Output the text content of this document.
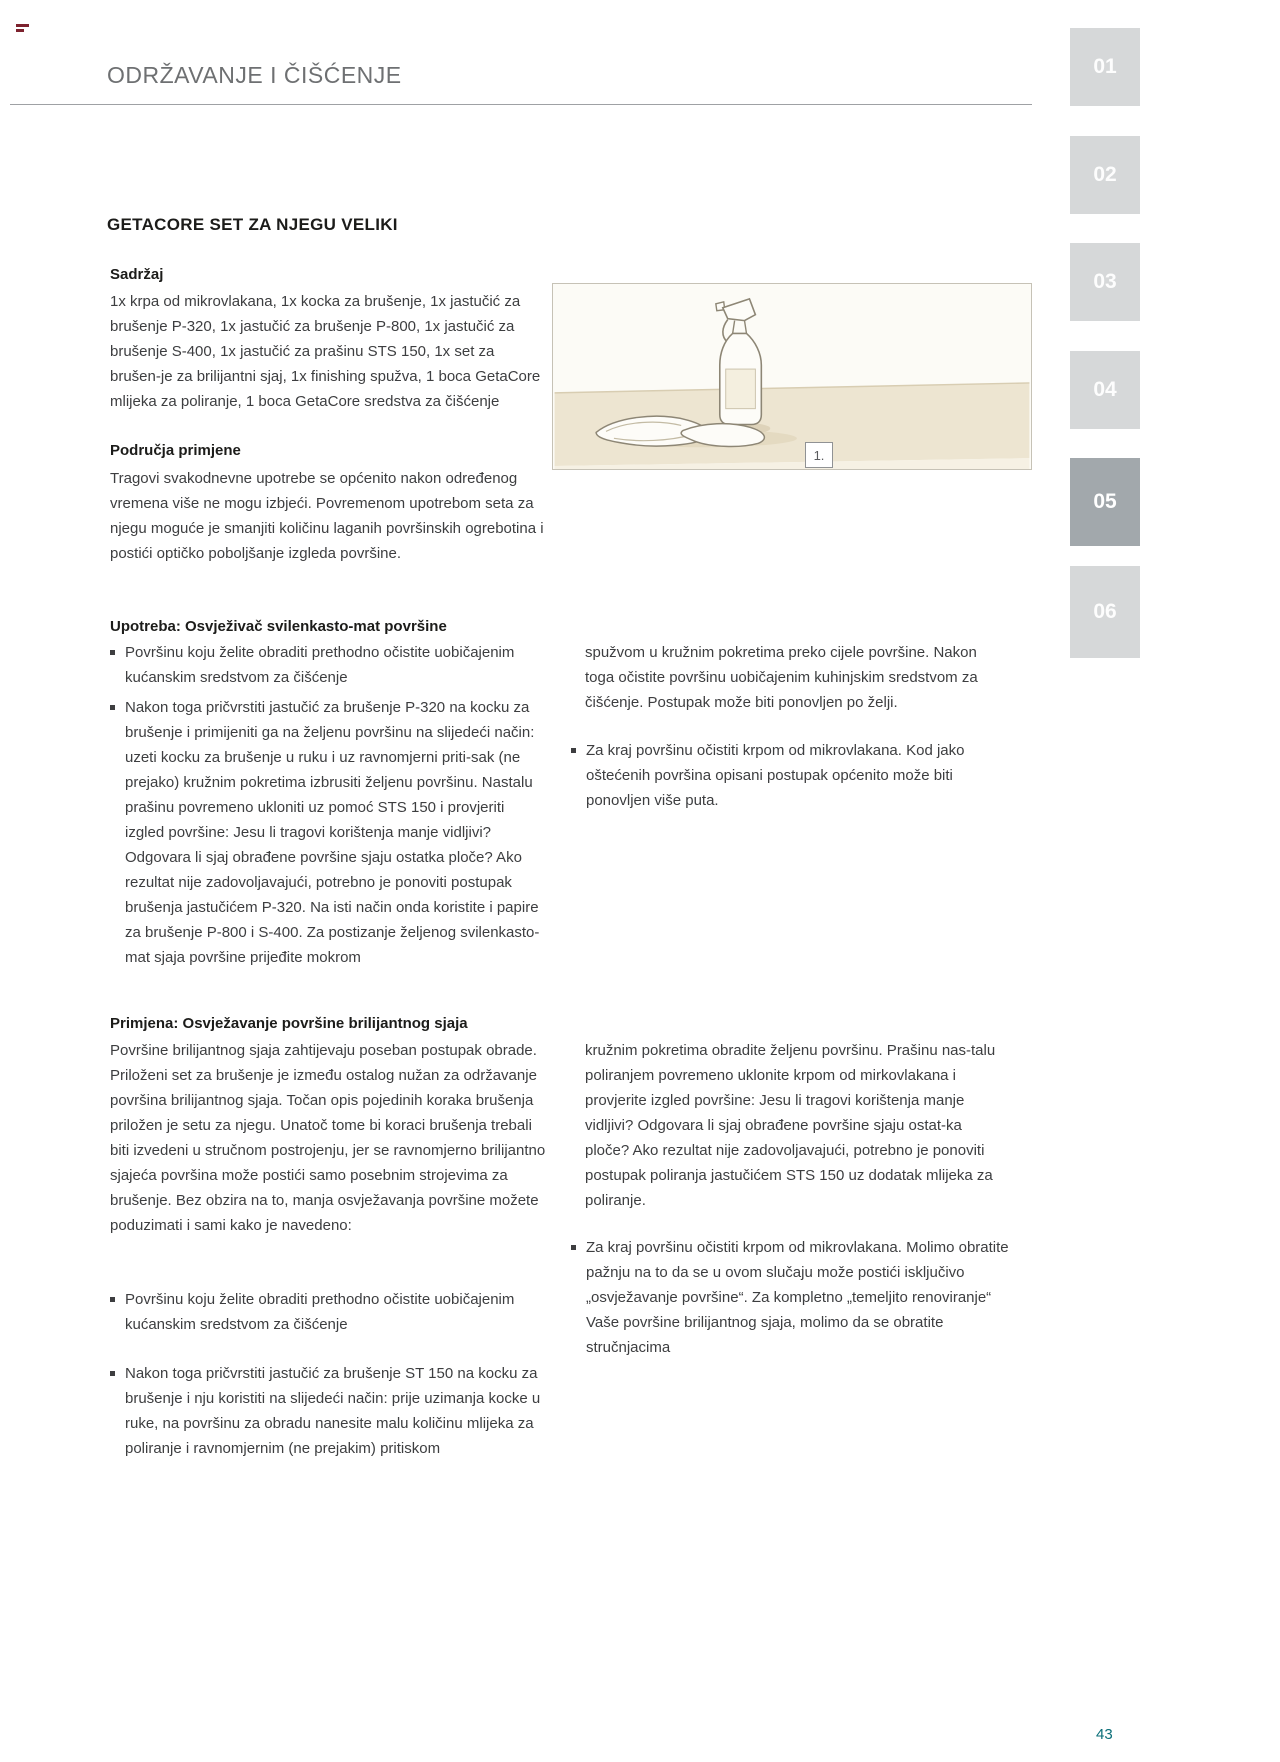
ODRŽAVANJE I ČIŠĆENJE	01
02
03
04
05
06
GETACORE SET ZA NJEGU VELIKI
Sadržaj

1x krpa od mikrovlakana, 1x kocka za brušenje, 1x jastučić za brušenje P-320, 1x jastučić za brušenje P-800, 1x jastučić za brušenje S-400, 1x jastučić za prašinu STS 150, 1x set za brušen-je za brilijantni sjaj, 1x finishing spužva, 1 boca GetaCore mlijeka za poliranje, 1 boca GetaCore sredstva za čišćenje

1.
Područja primjene

Tragovi svakodnevne upotrebe se općenito nakon određenog vremena više ne mogu izbjeći. Povremenom upotrebom seta za njegu moguće je smanjiti količinu laganih površinskih ogrebotina i postići optičko poboljšanje izgleda površine.

Upotreba: Osvježivač svilenkasto-mat površine
Površinu koju želite obraditi prethodno očistite uobičajenim kućanskim sredstvom za čišćenje
Nakon toga pričvrstiti jastučić za brušenje P-320 na kocku za brušenje i primijeniti ga na željenu površinu na slijedeći način: uzeti kocku za brušenje u ruku i uz ravnomjerni priti-sak (ne prejako) kružnim pokretima izbrusiti željenu površinu. Nastalu prašinu povremeno ukloniti uz pomoć STS 150 i provjeriti izgled površine: Jesu li tragovi korištenja manje vidljivi? Odgovara li sjaj obrađene površine sjaju ostatka ploče? Ako rezultat nije zadovoljavajući, potrebno je ponoviti postupak brušenja jastučićem P-320. Na isti način onda koristite i papire za brušenje P-800 i S-400. Za postizanje željenog svilenkasto-mat sjaja površine prijeđite mokrom

spužvom u kružnim pokretima preko cijele površine. Nakon toga očistite površinu uobičajenim kuhinjskim sredstvom za čišćenje. Postupak može biti ponovljen po želji.

Za kraj površinu očistiti krpom od mikrovlakana. Kod jako oštećenih površina opisani postupak općenito može biti ponovljen više puta.
Primjena: Osvježavanje površine brilijantnog sjaja

Površine brilijantnog sjaja zahtijevaju poseban postupak obrade. Priloženi set za brušenje je između ostalog nužan za održavanje površina brilijantnog sjaja. Točan opis pojedinih koraka brušenja priložen je setu za njegu. Unatoč tome bi koraci brušenja trebali biti izvedeni u stručnom postrojenju, jer se ravnomjerno brilijantno sjajeća površina može postići samo posebnim strojevima za brušenje. Bez obzira na to, manja osvježavanja površine možete poduzimati i sami kako je navedeno:

Površinu koju želite obraditi prethodno očistite uobičajenim kućanskim sredstvom za čišćenje
Nakon toga pričvrstiti jastučić za brušenje ST 150 na kocku za brušenje i nju koristiti na slijedeći način: prije uzimanja kocke u ruke, na površinu za obradu nanesite malu količinu mlijeka za poliranje i ravnomjernim (ne prejakim) pritiskom

kružnim pokretima obradite željenu površinu. Prašinu nas-talu poliranjem povremeno uklonite krpom od mirkovlakana i provjerite izgled površine: Jesu li tragovi korištenja manje vidljivi? Odgovara li sjaj obrađene površine sjaju ostat-ka ploče? Ako rezultat nije zadovoljavajući, potrebno je ponoviti postupak poliranja jastučićem STS 150 uz dodatak mlijeka za poliranje.

Za kraj površinu očistiti krpom od mikrovlakana. Molimo obratite pažnju na to da se u ovom slučaju može postići isključivo „osvježavanje površine“. Za kompletno „temeljito renoviranje“ Vaše površine brilijantnog sjaja, molimo da se obratite stručnjacima
43
